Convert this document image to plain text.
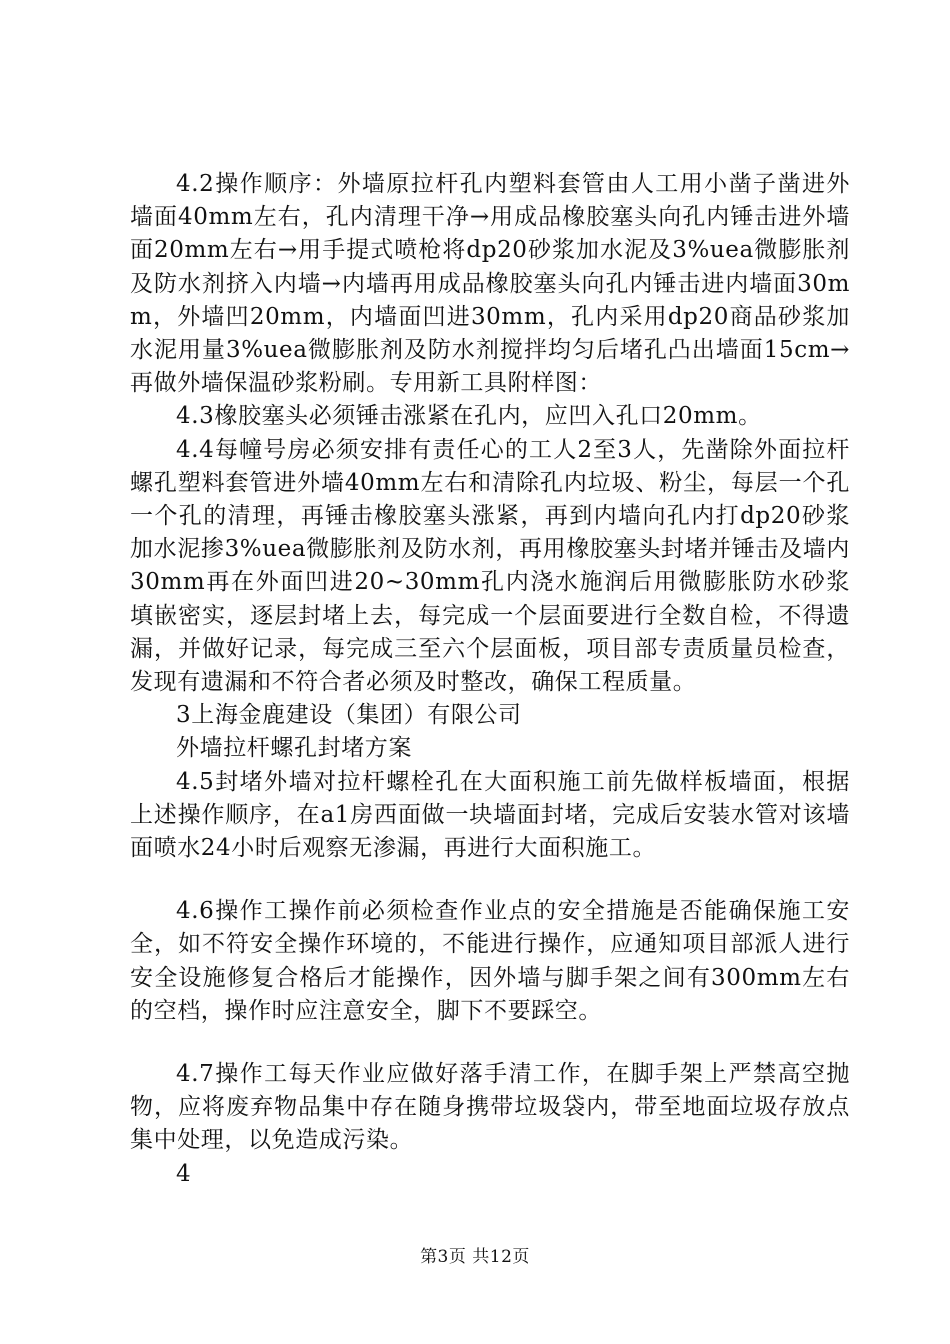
4.2操作顺序：外墙原拉杆孔内塑料套管由人工用小凿子凿进外墙面40mm左右，孔内清理干净→用成品橡胶塞头向孔内锤击进外墙面20mm左右→用手提式喷枪将dp20砂浆加水泥及3%uea微膨胀剂及防水剂挤入内墙→内墙再用成品橡胶塞头向孔内锤击进内墙面30mm，外墙凹20mm，内墙面凹进30mm，孔内采用dp20商品砂浆加水泥用量3%uea微膨胀剂及防水剂搅拌均匀后堵孔凸出墙面15cm→再做外墙保温砂浆粉刷。专用新工具附样图：

4.3橡胶塞头必须锤击涨紧在孔内，应凹入孔口20mm。

4.4每幢号房必须安排有责任心的工人2至3人，先凿除外面拉杆螺孔塑料套管进外墙40mm左右和清除孔内垃圾、粉尘，每层一个孔一个孔的清理，再锤击橡胶塞头涨紧，再到内墙向孔内打dp20砂浆加水泥掺3%uea微膨胀剂及防水剂，再用橡胶塞头封堵并锤击及墙内30mm再在外面凹进20~30mm孔内浇水施润后用微膨胀防水砂浆填嵌密实，逐层封堵上去，每完成一个层面要进行全数自检，不得遗漏，并做好记录，每完成三至六个层面板，项目部专责质量员检查，发现有遗漏和不符合者必须及时整改，确保工程质量。

3上海金鹿建设（集团）有限公司

外墙拉杆螺孔封堵方案

4.5封堵外墙对拉杆螺栓孔在大面积施工前先做样板墙面，根据上述操作顺序，在a1房西面做一块墙面封堵，完成后安装水管对该墙面喷水24小时后观察无渗漏，再进行大面积施工。

4.6操作工操作前必须检查作业点的安全措施是否能确保施工安全，如不符安全操作环境的，不能进行操作，应通知项目部派人进行安全设施修复合格后才能操作，因外墙与脚手架之间有300mm左右的空档，操作时应注意安全，脚下不要踩空。

4.7操作工每天作业应做好落手清工作，在脚手架上严禁高空抛物，应将废弃物品集中存在随身携带垃圾袋内，带至地面垃圾存放点集中处理，以免造成污染。

4

第3页 共12页
